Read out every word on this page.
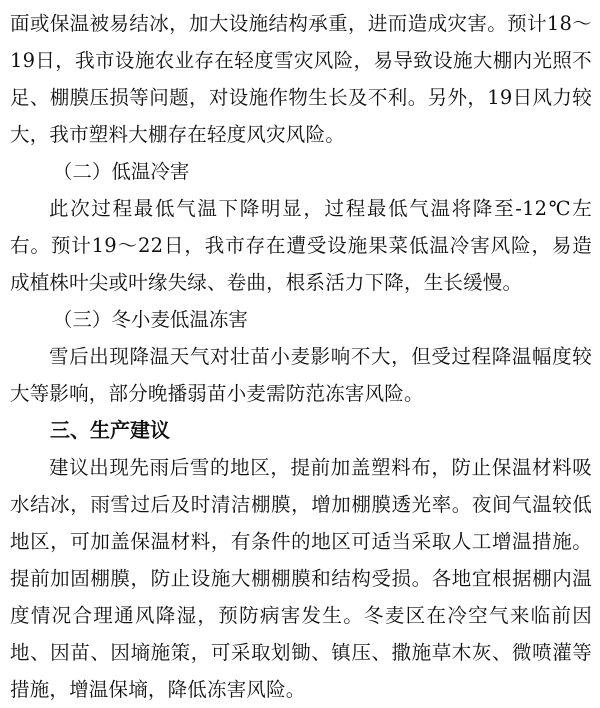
面或保温被易结冰，加大设施结构承重，进而造成灾害。预计18～19日，我市设施农业存在轻度雪灾风险，易导致设施大棚内光照不足、棚膜压损等问题，对设施作物生长及不利。另外，19日风力较大，我市塑料大棚存在轻度风灾风险。

（二）低温冷害

此次过程最低气温下降明显，过程最低气温将降至-12℃左右。预计19～22日，我市存在遭受设施果菜低温冷害风险，易造成植株叶尖或叶缘失绿、卷曲，根系活力下降，生长缓慢。

（三）冬小麦低温冻害

雪后出现降温天气对壮苗小麦影响不大，但受过程降温幅度较大等影响，部分晚播弱苗小麦需防范冻害风险。

三、生产建议

建议出现先雨后雪的地区，提前加盖塑料布，防止保温材料吸水结冰，雨雪过后及时清洁棚膜，增加棚膜透光率。夜间气温较低地区，可加盖保温材料，有条件的地区可适当采取人工增温措施。提前加固棚膜，防止设施大棚棚膜和结构受损。各地宜根据棚内温度情况合理通风降湿，预防病害发生。冬麦区在冷空气来临前因地、因苗、因墒施策，可采取划锄、镇压、撒施草木灰、微喷灌等措施，增温保墒，降低冻害风险。
